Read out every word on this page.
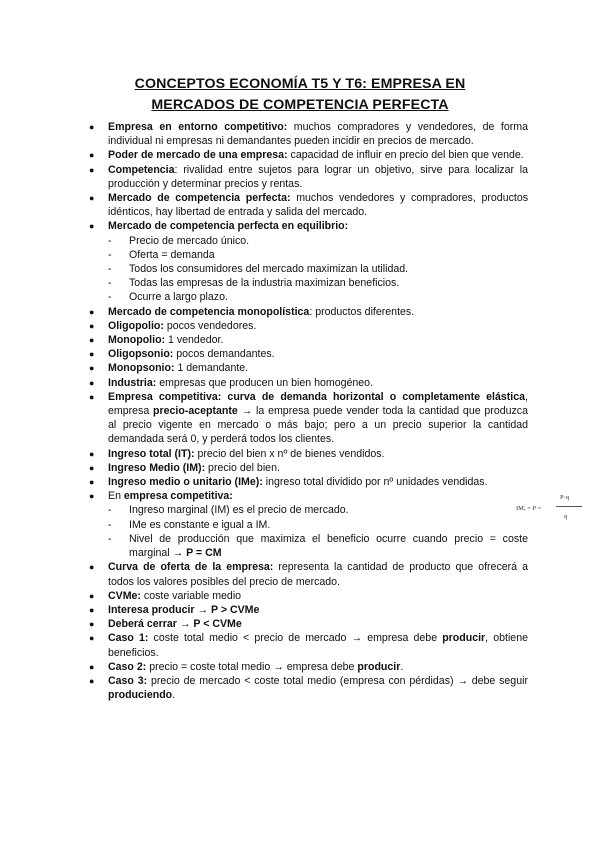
CONCEPTOS ECONOMÍA T5 Y T6: EMPRESA EN
MERCADOS DE COMPETENCIA PERFECTA
● Empresa en entorno competitivo: muchos compradores y vendedores, de forma individual ni empresas ni demandantes pueden incidir en precios de mercado.
● Poder de mercado de una empresa: capacidad de influir en precio del bien que vende.
● Competencia: rivalidad entre sujetos para lograr un objetivo, sirve para localizar la producción y determinar precios y rentas.
● Mercado de competencia perfecta: muchos vendedores y compradores, productos idénticos, hay libertad de entrada y salida del mercado.
● Mercado de competencia perfecta en equilibrio:
- Precio de mercado único.
- Oferta = demanda
- Todos los consumidores del mercado maximizan la utilidad.
- Todas las empresas de la industria maximizan beneficios.
- Ocurre a largo plazo.
● Mercado de competencia monopolística: productos diferentes.
● Oligopolio: pocos vendedores.
● Monopolio: 1 vendedor.
● Oligopsonio: pocos demandantes.
● Monopsonio: 1 demandante.
● Industria: empresas que producen un bien homogéneo.
● Empresa competitiva: curva de demanda horizontal o completamente elástica, empresa precio-aceptante → la empresa puede vender toda la cantidad que produzca al precio vigente en mercado o más bajo; pero a un precio superior la cantidad demandada será 0, y perderá todos los clientes.
● Ingreso total (IT): precio del bien x nº de bienes vendidos.
● Ingreso Medio (IM): precio del bien.
● Ingreso medio o unitario (IMe): ingreso total dividido por nº unidades vendidas.
● En empresa competitiva:
- Ingreso marginal (IM) es el precio de mercado.
- IMe es constante e igual a IM.
- Nivel de producción que maximiza el beneficio ocurre cuando precio = coste marginal → P = CM
● Curva de oferta de la empresa: representa la cantidad de producto que ofrecerá a todos los valores posibles del precio de mercado.
● CVMe: coste variable medio
● Interesa producir → P > CVMe
● Deberá cerrar → P < CVMe
● Caso 1: coste total medio < precio de mercado → empresa debe producir, obtiene beneficios.
● Caso 2: precio = coste total medio → empresa debe producir.
● Caso 3: precio de mercado < coste total medio (empresa con pérdidas) → debe seguir produciendo.
IMₑ = P =
P·q
q
